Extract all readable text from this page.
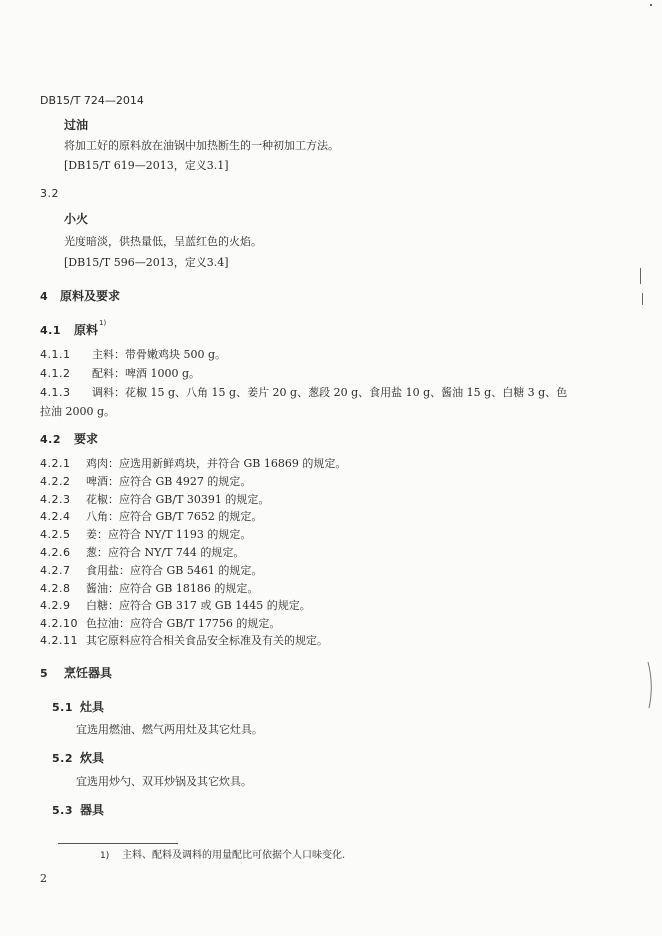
DB15/T 724—2014
过油
将加工好的原料放在油锅中加热断生的一种初加工方法。
[DB15/T 619—2013，定义3.1]
3.2
小火
光度暗淡，供热量低，呈蓝红色的火焰。
[DB15/T 596—2013，定义3.4]
4 原料及要求
4.1 原料 1)
4.1.1 主料：带骨嫩鸡块 500 g。
4.1.2 配料：啤酒 1000 g。
4.1.3 调料：花椒 15 g、八角 15 g、姜片 20 g、葱段 20 g、食用盐 10 g、酱油 15 g、白糖 3 g、色
拉油 2000 g。
4.2 要求
4.2.1 鸡肉：应选用新鲜鸡块，并符合 GB 16869 的规定。
4.2.2 啤酒：应符合 GB 4927 的规定。
4.2.3 花椒：应符合 GB/T 30391 的规定。
4.2.4 八角：应符合 GB/T 7652 的规定。
4.2.5 姜：应符合 NY/T 1193 的规定。
4.2.6 葱：应符合 NY/T 744 的规定。
4.2.7 食用盐：应符合 GB 5461 的规定。
4.2.8 酱油：应符合 GB 18186 的规定。
4.2.9 白糖：应符合 GB 317 或 GB 1445 的规定。
4.2.10 色拉油：应符合 GB/T 17756 的规定。
4.2.11 其它原料应符合相关食品安全标准及有关的规定。
5 烹饪器具
5.1 灶具
宜选用燃油、燃气两用灶及其它灶具。
5.2 炊具
宜选用炒勺、双耳炒锅及其它炊具。
5.3 器具
1) 主料、配料及调料的用量配比可依据个人口味变化.
2
